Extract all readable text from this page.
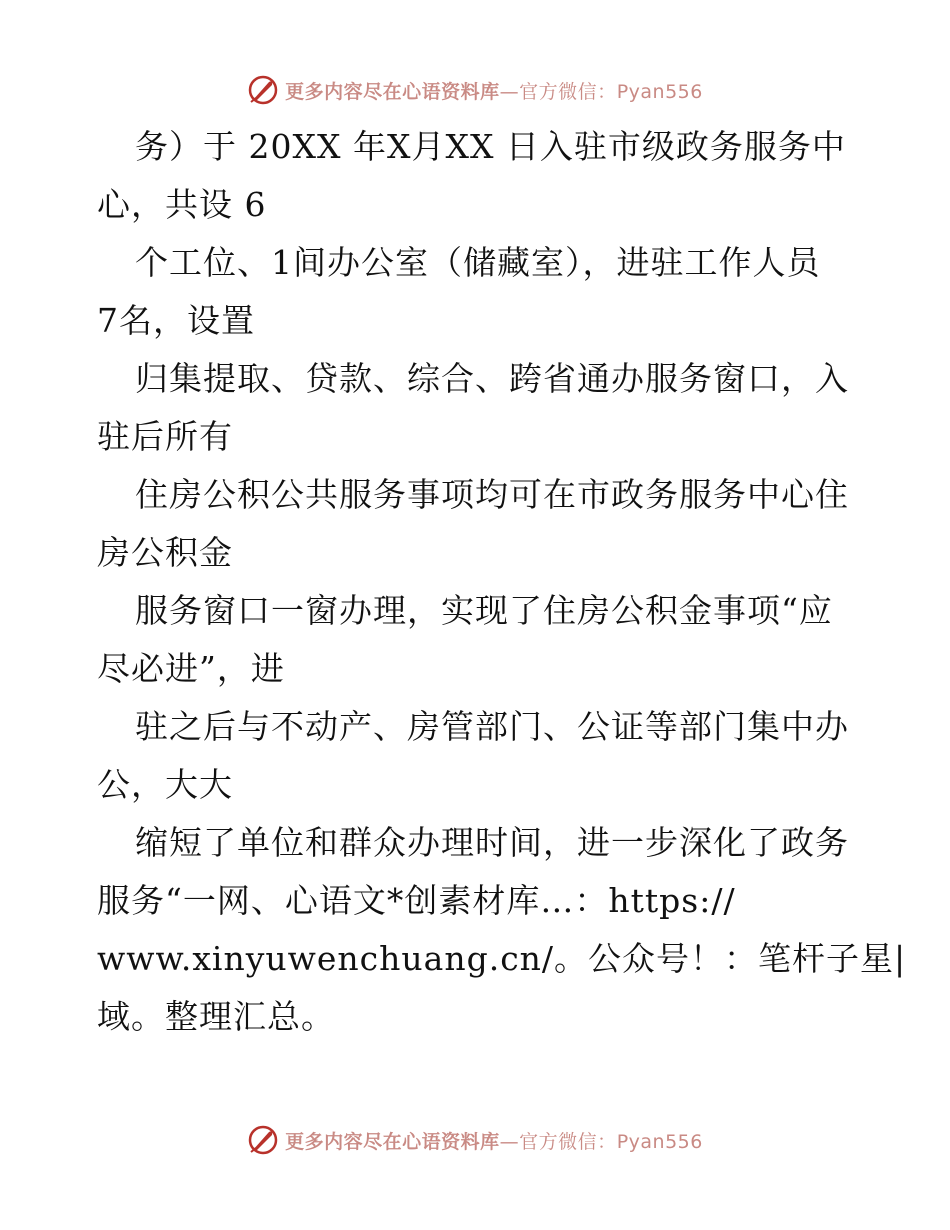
更多内容尽在心语资料库—官方微信：Pyan556
务）于 20XX 年X月XX 日入驻市级政务服务中
心，共设 6
个工位、1间办公室（储藏室），进驻工作人员
7名，设置
归集提取、贷款、综合、跨省通办服务窗口，入
驻后所有
住房公积公共服务事项均可在市政务服务中心住
房公积金
服务窗口一窗办理，实现了住房公积金事项“应
尽必进”，进
驻之后与不动产、房管部门、公证等部门集中办
公，大大
缩短了单位和群众办理时间，进一步深化了政务
服务“一网、心语文*创素材库…：https://
www.xinyuwenchuang.cn/。公众号！：笔杆子星|
域。整理汇总。
更多内容尽在心语资料库—官方微信：Pyan556
